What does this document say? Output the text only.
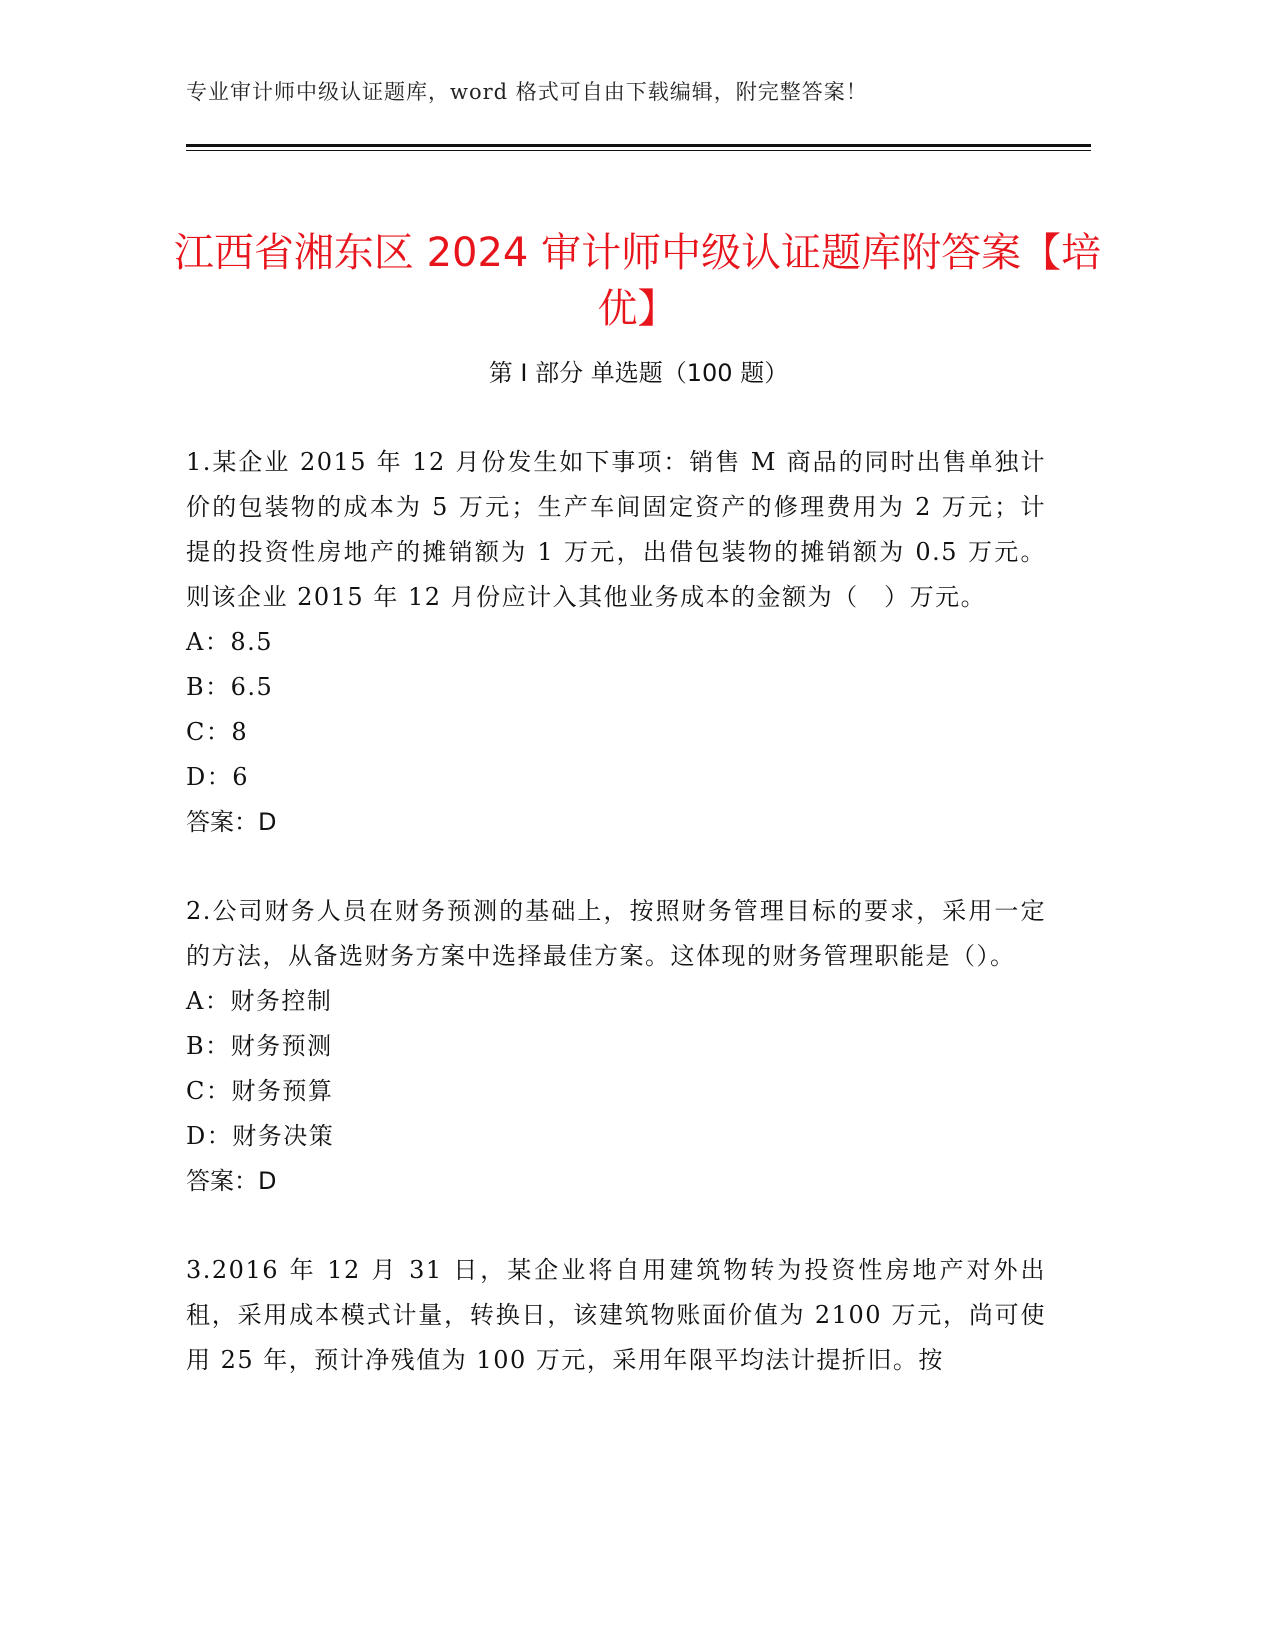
专业审计师中级认证题库，word 格式可自由下载编辑，附完整答案！
江西省湘东区 2024 审计师中级认证题库附答案【培优】
第 I 部分 单选题（100 题）

1.某企业 2015 年 12 月份发生如下事项：销售 M 商品的同时出售单独计价的包装物的成本为 5 万元；生产车间固定资产的修理费用为 2 万元；计提的投资性房地产的摊销额为 1 万元，出借包装物的摊销额为 0.5 万元。则该企业 2015 年 12 月份应计入其他业务成本的金额为（　）万元。

A：8.5
B：6.5
C：8
D：6
答案：D

2.公司财务人员在财务预测的基础上，按照财务管理目标的要求，采用一定的方法，从备选财务方案中选择最佳方案。这体现的财务管理职能是（）。

A：财务控制
B：财务预测
C：财务预算
D：财务决策
答案：D

3.2016 年 12 月 31 日，某企业将自用建筑物转为投资性房地产对外出租，采用成本模式计量，转换日，该建筑物账面价值为 2100 万元，尚可使用 25 年，预计净残值为 100 万元，采用年限平均法计提折旧。按
